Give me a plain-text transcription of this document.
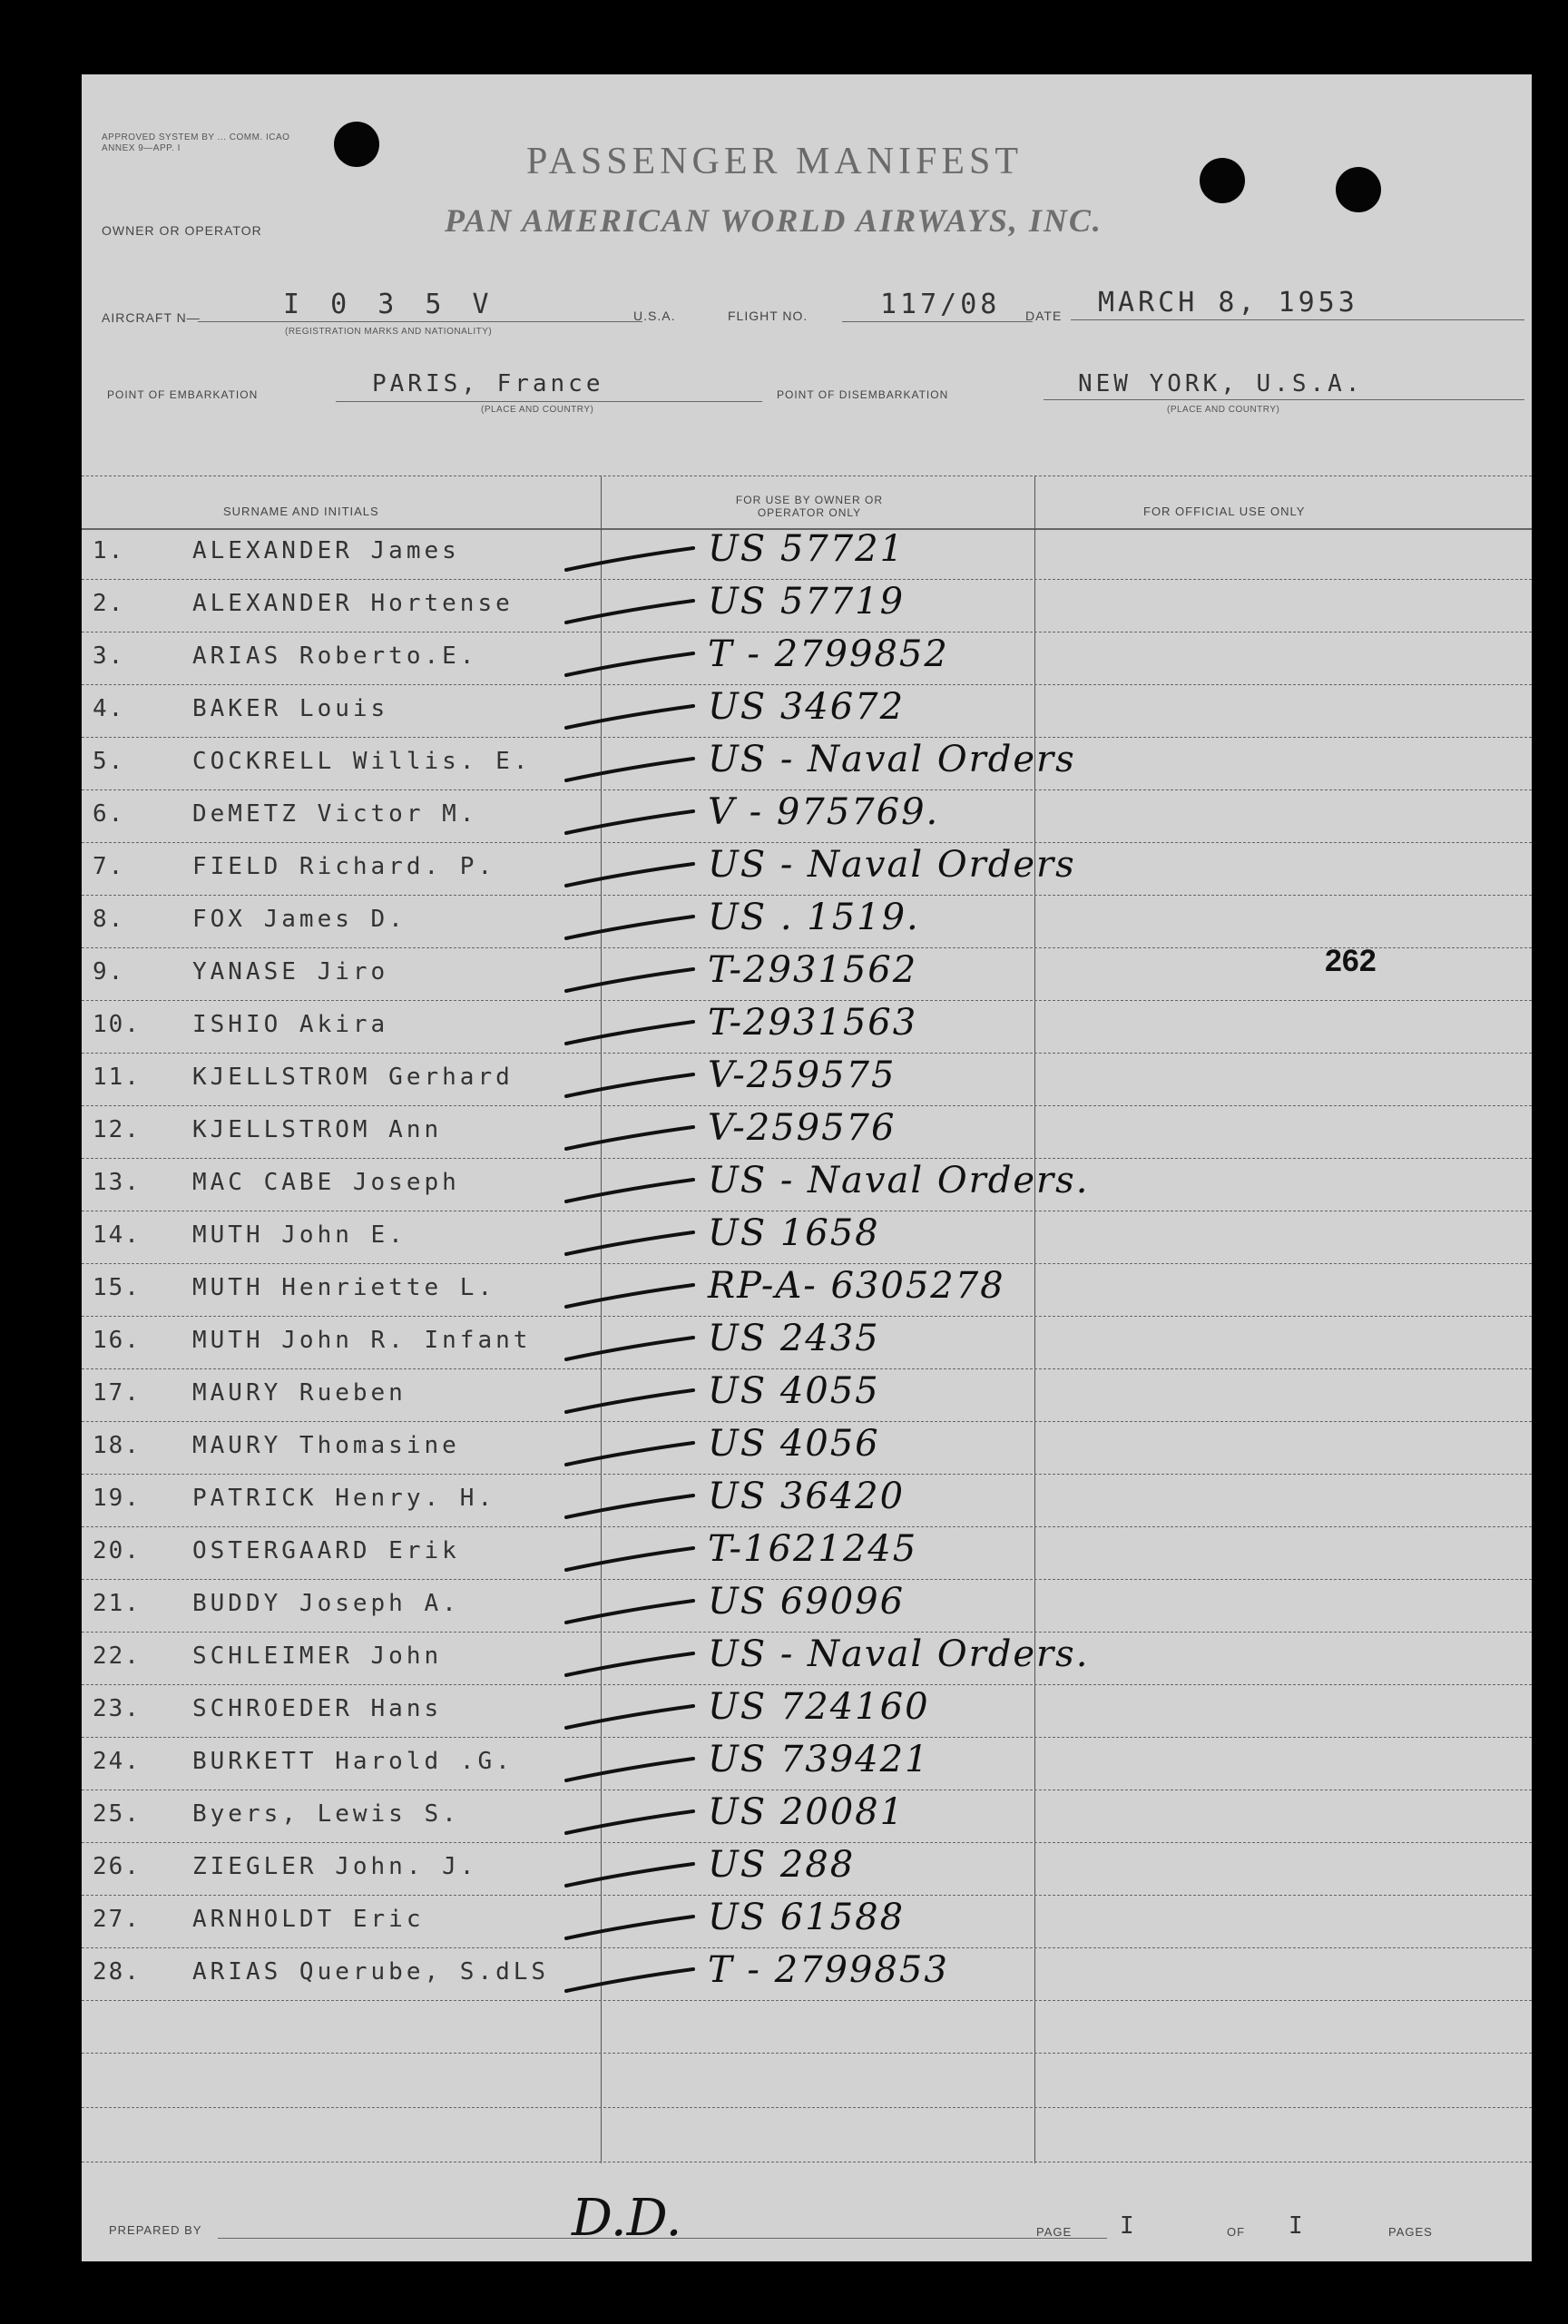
APPROVED SYSTEM BY ... COMM. ICAO ANNEX 9—APP. I	PASSENGER MANIFEST
OWNER OR OPERATOR	PAN AMERICAN WORLD AIRWAYS, INC.
AIRCRAFT N—	I 0 3 5 V
(REGISTRATION MARKS AND NATIONALITY)
U.S.A.	FLIGHT NO.	117/08 DATE MARCH 8, 1953
POINT OF EMBARKATION	PARIS, France
(PLACE AND COUNTRY)
POINT OF DISEMBARKATION	NEW YORK, U.S.A.
(PLACE AND COUNTRY)
SURNAME AND INITIALS
FOR USE BY OWNER OR OPERATOR ONLY	FOR OFFICIAL USE ONLY
262
1.	ALEXANDER James	US 57721
2.	ALEXANDER Hortense	US 57719
3.	ARIAS Roberto.E.	T - 2799852
4.	BAKER Louis	US 34672
5.	COCKRELL Willis. E.	US - Naval Orders
6.	DeMETZ Victor M.	V - 975769.
7.	FIELD Richard. P.	US - Naval Orders
8.	FOX James D.	US . 1519.
9.	YANASE Jiro	T-2931562
10. ISHIO Akira	T-2931563
11. KJELLSTROM Gerhard	V-259575
12. KJELLSTROM Ann	V-259576
13. MAC CABE Joseph	US - Naval Orders.
14. MUTH John E.	US 1658
15. MUTH Henriette L.	RP-A- 6305278
16. MUTH John R. Infant	US 2435
17. MAURY Rueben	US 4055
18. MAURY Thomasine	US 4056
19. PATRICK Henry. H.	US 36420
20. OSTERGAARD Erik	T-1621245
21. BUDDY Joseph A.	US 69096
22. SCHLEIMER John	US - Naval Orders.
23. SCHROEDER Hans	US 724160
24. BURKETT Harold .G.	US 739421
25. Byers, Lewis S.	US 20081
26. ZIEGLER John. J.	US 288
27. ARNHOLDT Eric	US 61588
28. ARIAS Querube, S.dLS	T - 2799853
PREPARED BY	D.D.	PAGE I	OF I	PAGES
